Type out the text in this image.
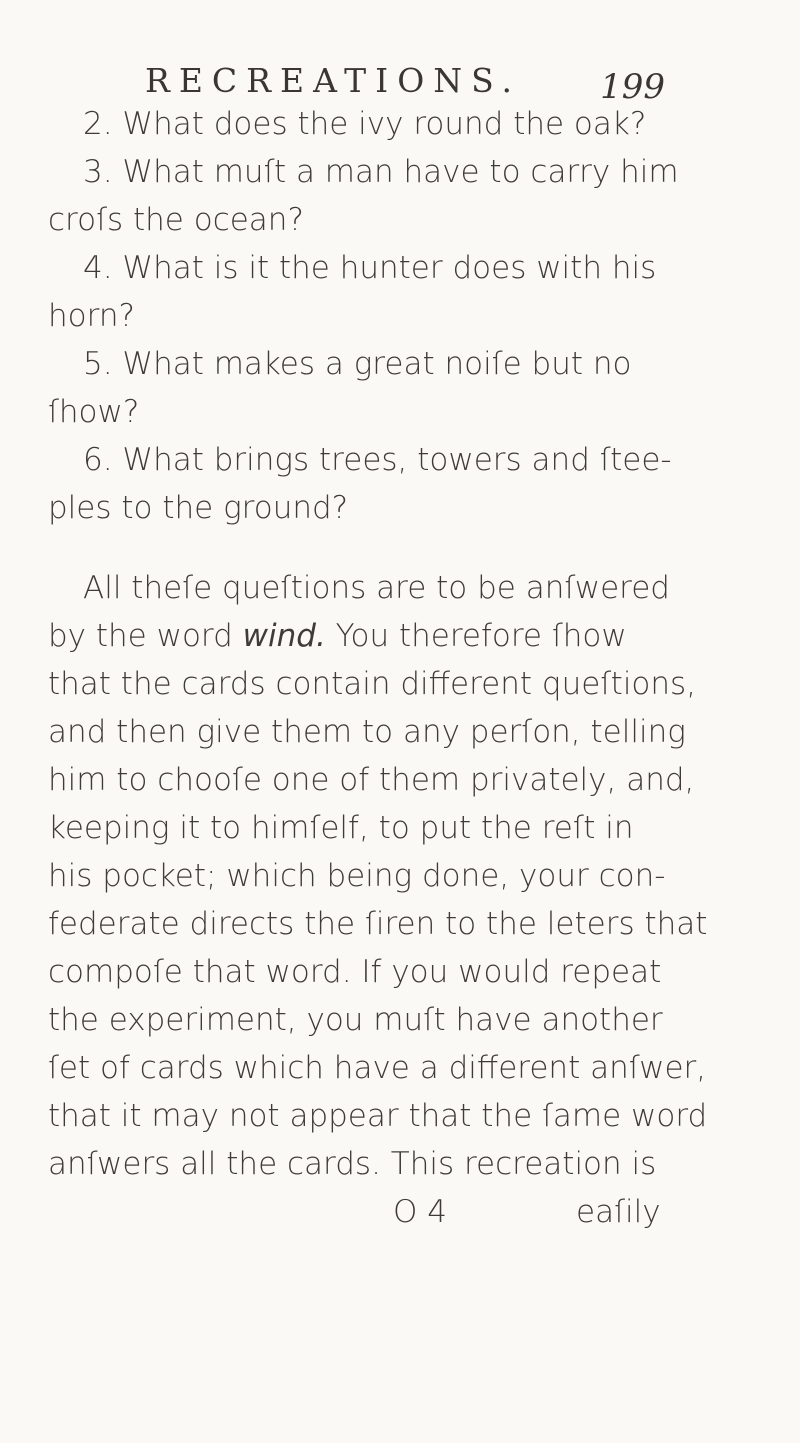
RECREATIONS. 199
2. What does the ivy round the oak?
3. What muſt a man have to carry him
croſs the ocean?
4. What is it the hunter does with his
horn?
5. What makes a great noiſe but no
ſhow?
6. What brings trees, towers and ſtee-
ples to the ground?
All theſe queſtions are to be anſwered
by the word wind. You therefore ſhow
that the cards contain different queſtions,
and then give them to any perſon, telling
him to chooſe one of them privately, and,
keeping it to himſelf, to put the reſt in
his pocket; which being done, your con-
federate directs the ſiren to the leters that
compoſe that word. If you would repeat
the experiment, you muſt have another
ſet of cards which have a different anſwer,
that it may not appear that the ſame word
anſwers all the cards. This recreation is
O 4	eaſily
